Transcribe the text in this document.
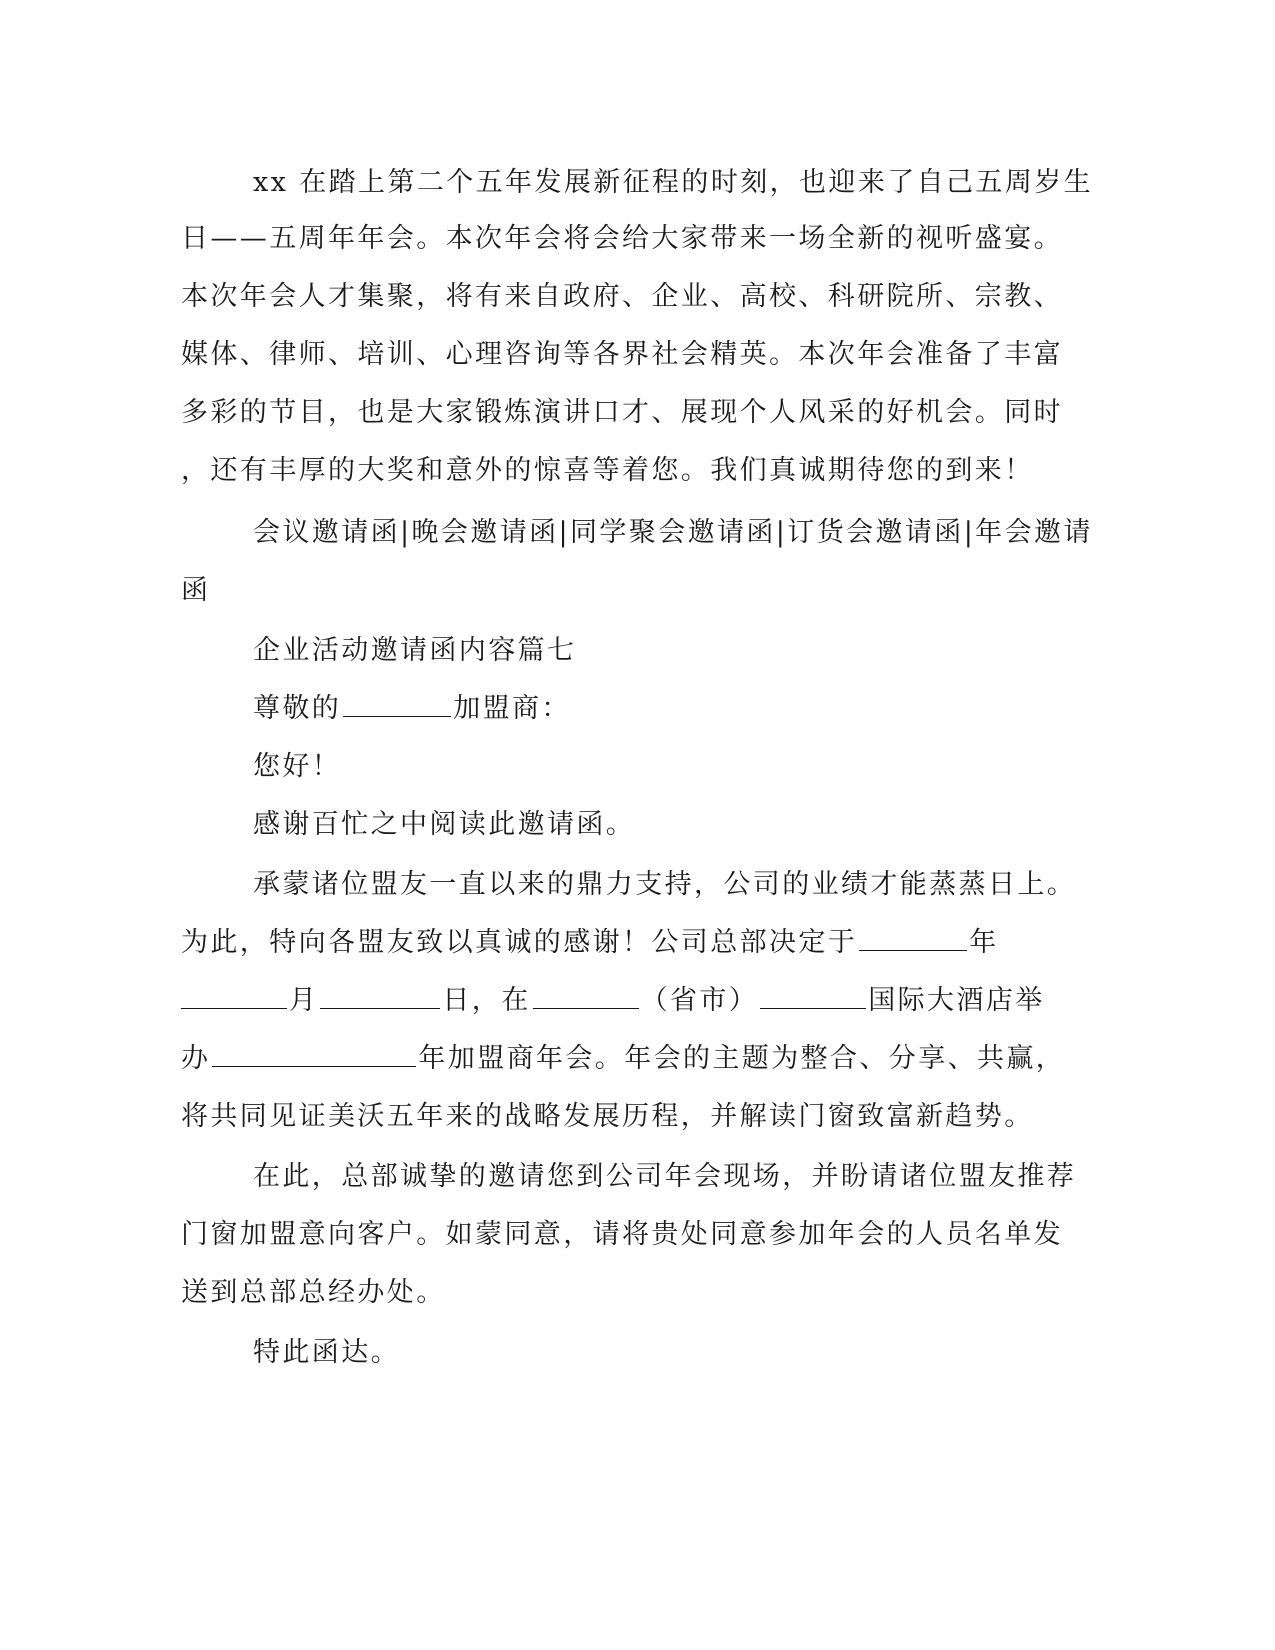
xx 在踏上第二个五年发展新征程的时刻，也迎来了自己五周岁生
日——五周年年会。本次年会将会给大家带来一场全新的视听盛宴。
本次年会人才集聚，将有来自政府、企业、高校、科研院所、宗教、
媒体、律师、培训、心理咨询等各界社会精英。本次年会准备了丰富
多彩的节目，也是大家锻炼演讲口才、展现个人风采的好机会。同时
，还有丰厚的大奖和意外的惊喜等着您。我们真诚期待您的到来！
会议邀请函|晚会邀请函|同学聚会邀请函|订货会邀请函|年会邀请
函
企业活动邀请函内容篇七
尊敬的	加盟商：
您好！
感谢百忙之中阅读此邀请函。
承蒙诸位盟友一直以来的鼎力支持，公司的业绩才能蒸蒸日上。
为此，特向各盟友致以真诚的感谢！公司总部决定于	年
月	日，在	（省市）	国际大酒店举
办	年加盟商年会。年会的主题为整合、分享、共赢，
将共同见证美沃五年来的战略发展历程，并解读门窗致富新趋势。
在此，总部诚挚的邀请您到公司年会现场，并盼请诸位盟友推荐
门窗加盟意向客户。如蒙同意，请将贵处同意参加年会的人员名单发
送到总部总经办处。
特此函达。
